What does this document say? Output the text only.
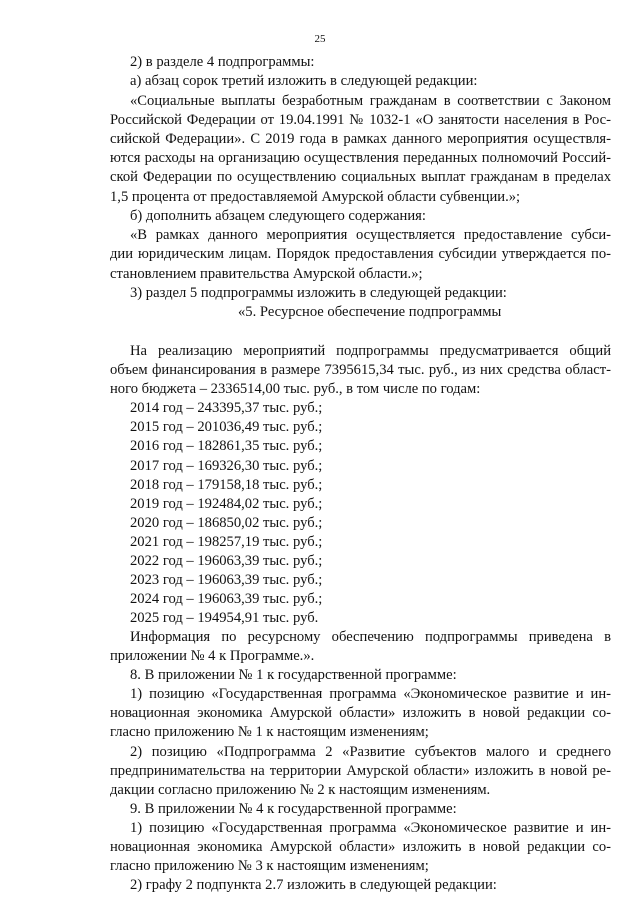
25
2) в разделе 4 подпрограммы:
а) абзац сорок третий изложить в следующей редакции:
«Социальные выплаты безработным гражданам в соответствии с Законом
Российской Федерации от 19.04.1991 № 1032-1 «О занятости населения в Рос-
сийской Федерации». С 2019 года в рамках данного мероприятия осуществля-
ются расходы на организацию осуществления переданных полномочий Россий-
ской Федерации по осуществлению социальных выплат гражданам в пределах
1,5 процента от предоставляемой Амурской области субвенции.»;
б) дополнить абзацем следующего содержания:
«В рамках данного мероприятия осуществляется предоставление субси-
дии юридическим лицам. Порядок предоставления субсидии утверждается по-
становлением правительства Амурской области.»;
3) раздел 5 подпрограммы изложить в следующей редакции:
«5. Ресурсное обеспечение подпрограммы
На реализацию мероприятий подпрограммы предусматривается общий
объем финансирования в размере 7395615,34 тыс. руб., из них средства област-
ного бюджета – 2336514,00 тыс. руб., в том числе по годам:
2014 год – 243395,37 тыс. руб.;
2015 год – 201036,49 тыс. руб.;
2016 год – 182861,35 тыс. руб.;
2017 год – 169326,30 тыс. руб.;
2018 год – 179158,18 тыс. руб.;
2019 год – 192484,02 тыс. руб.;
2020 год – 186850,02 тыс. руб.;
2021 год – 198257,19 тыс. руб.;
2022 год – 196063,39 тыс. руб.;
2023 год – 196063,39 тыс. руб.;
2024 год – 196063,39 тыс. руб.;
2025 год – 194954,91 тыс. руб.
Информация по ресурсному обеспечению подпрограммы приведена в
приложении № 4 к Программе.».
8. В приложении № 1 к государственной программе:
1) позицию «Государственная программа «Экономическое развитие и ин-
новационная экономика Амурской области» изложить в новой редакции со-
гласно приложению № 1 к настоящим изменениям;
2) позицию «Подпрограмма 2 «Развитие субъектов малого и среднего
предпринимательства на территории Амурской области» изложить в новой ре-
дакции согласно приложению № 2 к настоящим изменениям.
9. В приложении № 4 к государственной программе:
1) позицию «Государственная программа «Экономическое развитие и ин-
новационная экономика Амурской области» изложить в новой редакции со-
гласно приложению № 3 к настоящим изменениям;
2) графу 2 подпункта 2.7 изложить в следующей редакции:
